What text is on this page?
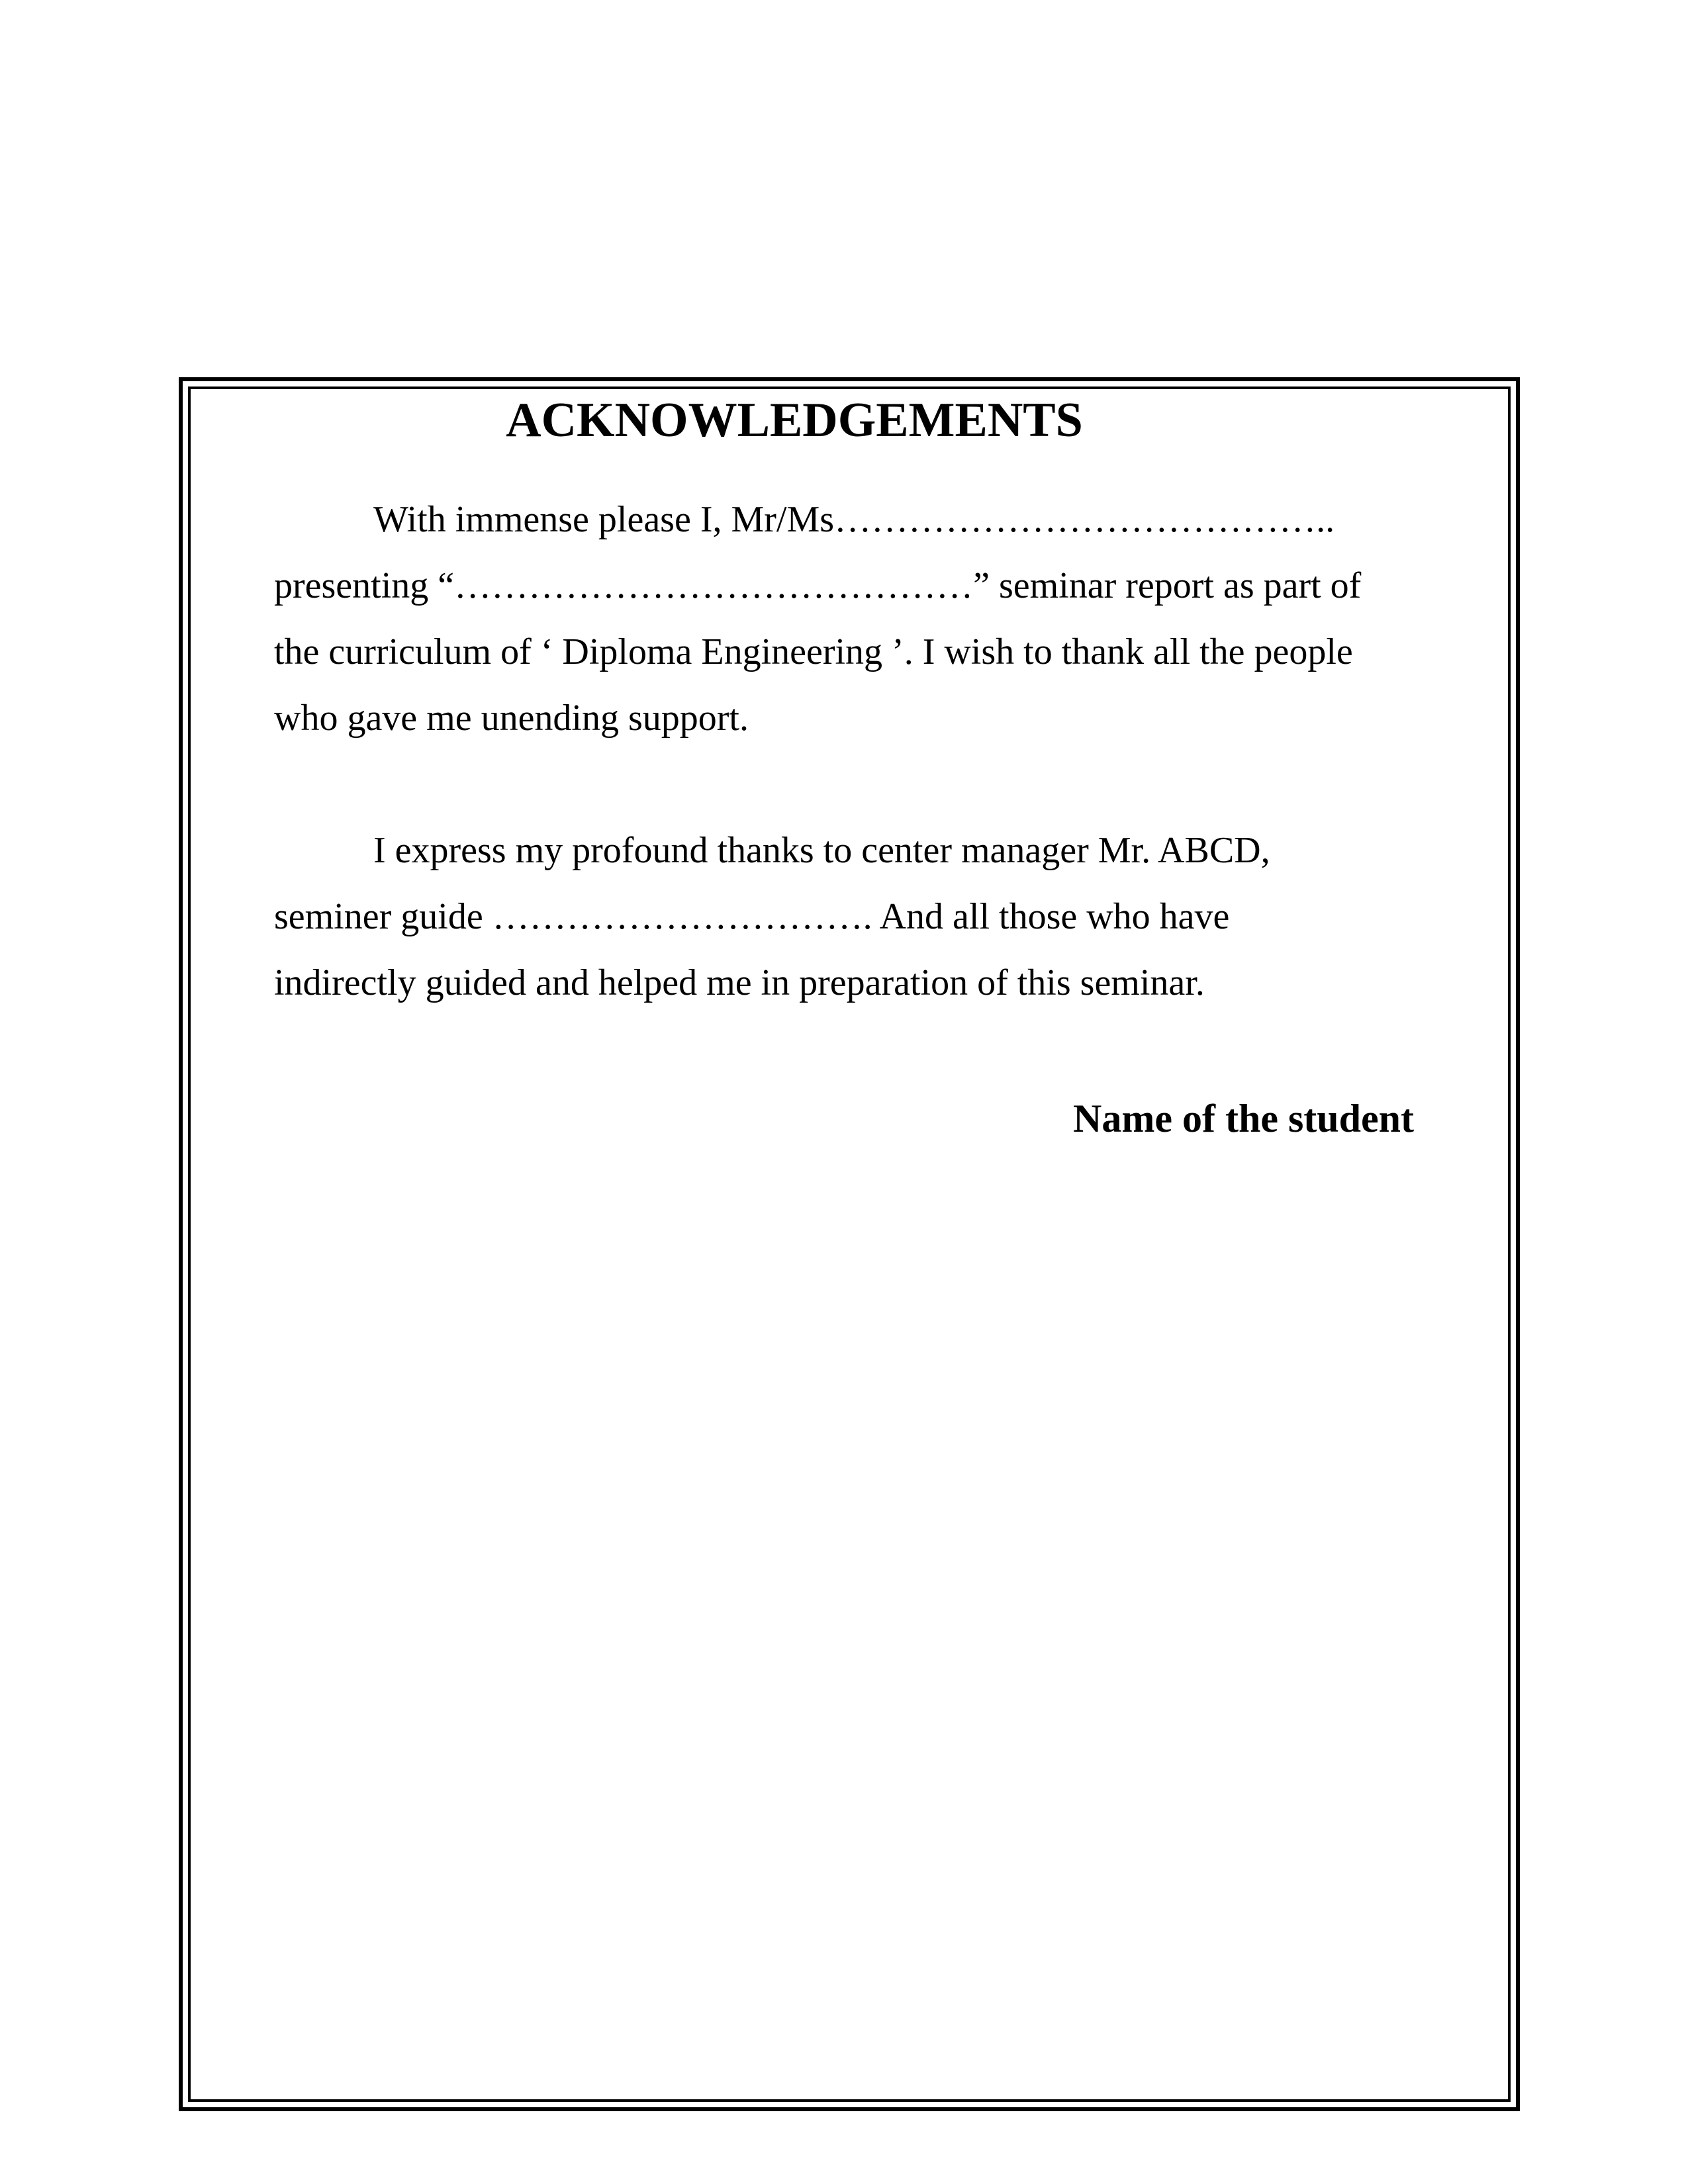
ACKNOWLEDGEMENTS
With immense please I, Mr/Ms…………………………………..
presenting “……………………………………” seminar report as part of
the curriculum of ‘ Diploma Engineering ’. I wish to thank all the people
who gave me unending support.
I express my profound thanks to center manager Mr. ABCD,
seminer guide …………………………. And all those who have
indirectly guided and helped me in preparation of this seminar.

Name of the student
